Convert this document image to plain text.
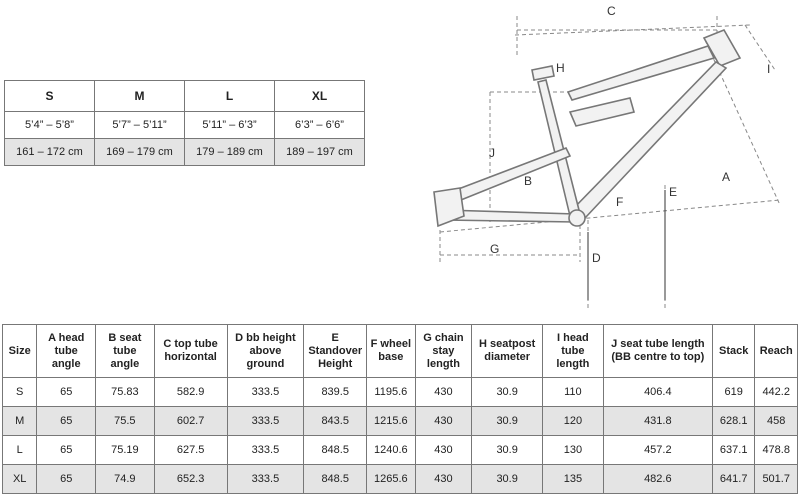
S	M	L	XL
5’4” – 5’8”	5’7” – 5’11”	5’11” – 6’3”	6’3” – 6’6”
161 – 172 cm	169 – 179 cm	179 – 189 cm	189 – 197 cm
C
H	I
J
B
E
A
F
G
D
Size	A head tube angle	B seat tube angle	C top tube horizontal	D bb height above ground	E Standover Height	F wheel base	G chain stay length	H seatpost diameter	I head tube length	J seat tube length (BB centre to top)	Stack	Reach
S	65	75.83	582.9	333.5	839.5	1195.6	430	30.9	110	406.4	619	442.2
M	65	75.5	602.7	333.5	843.5	1215.6	430	30.9	120	431.8	628.1	458
L	65	75.19	627.5	333.5	848.5	1240.6	430	30.9	130	457.2	637.1	478.8
XL	65	74.9	652.3	333.5	848.5	1265.6	430	30.9	135	482.6	641.7	501.7
